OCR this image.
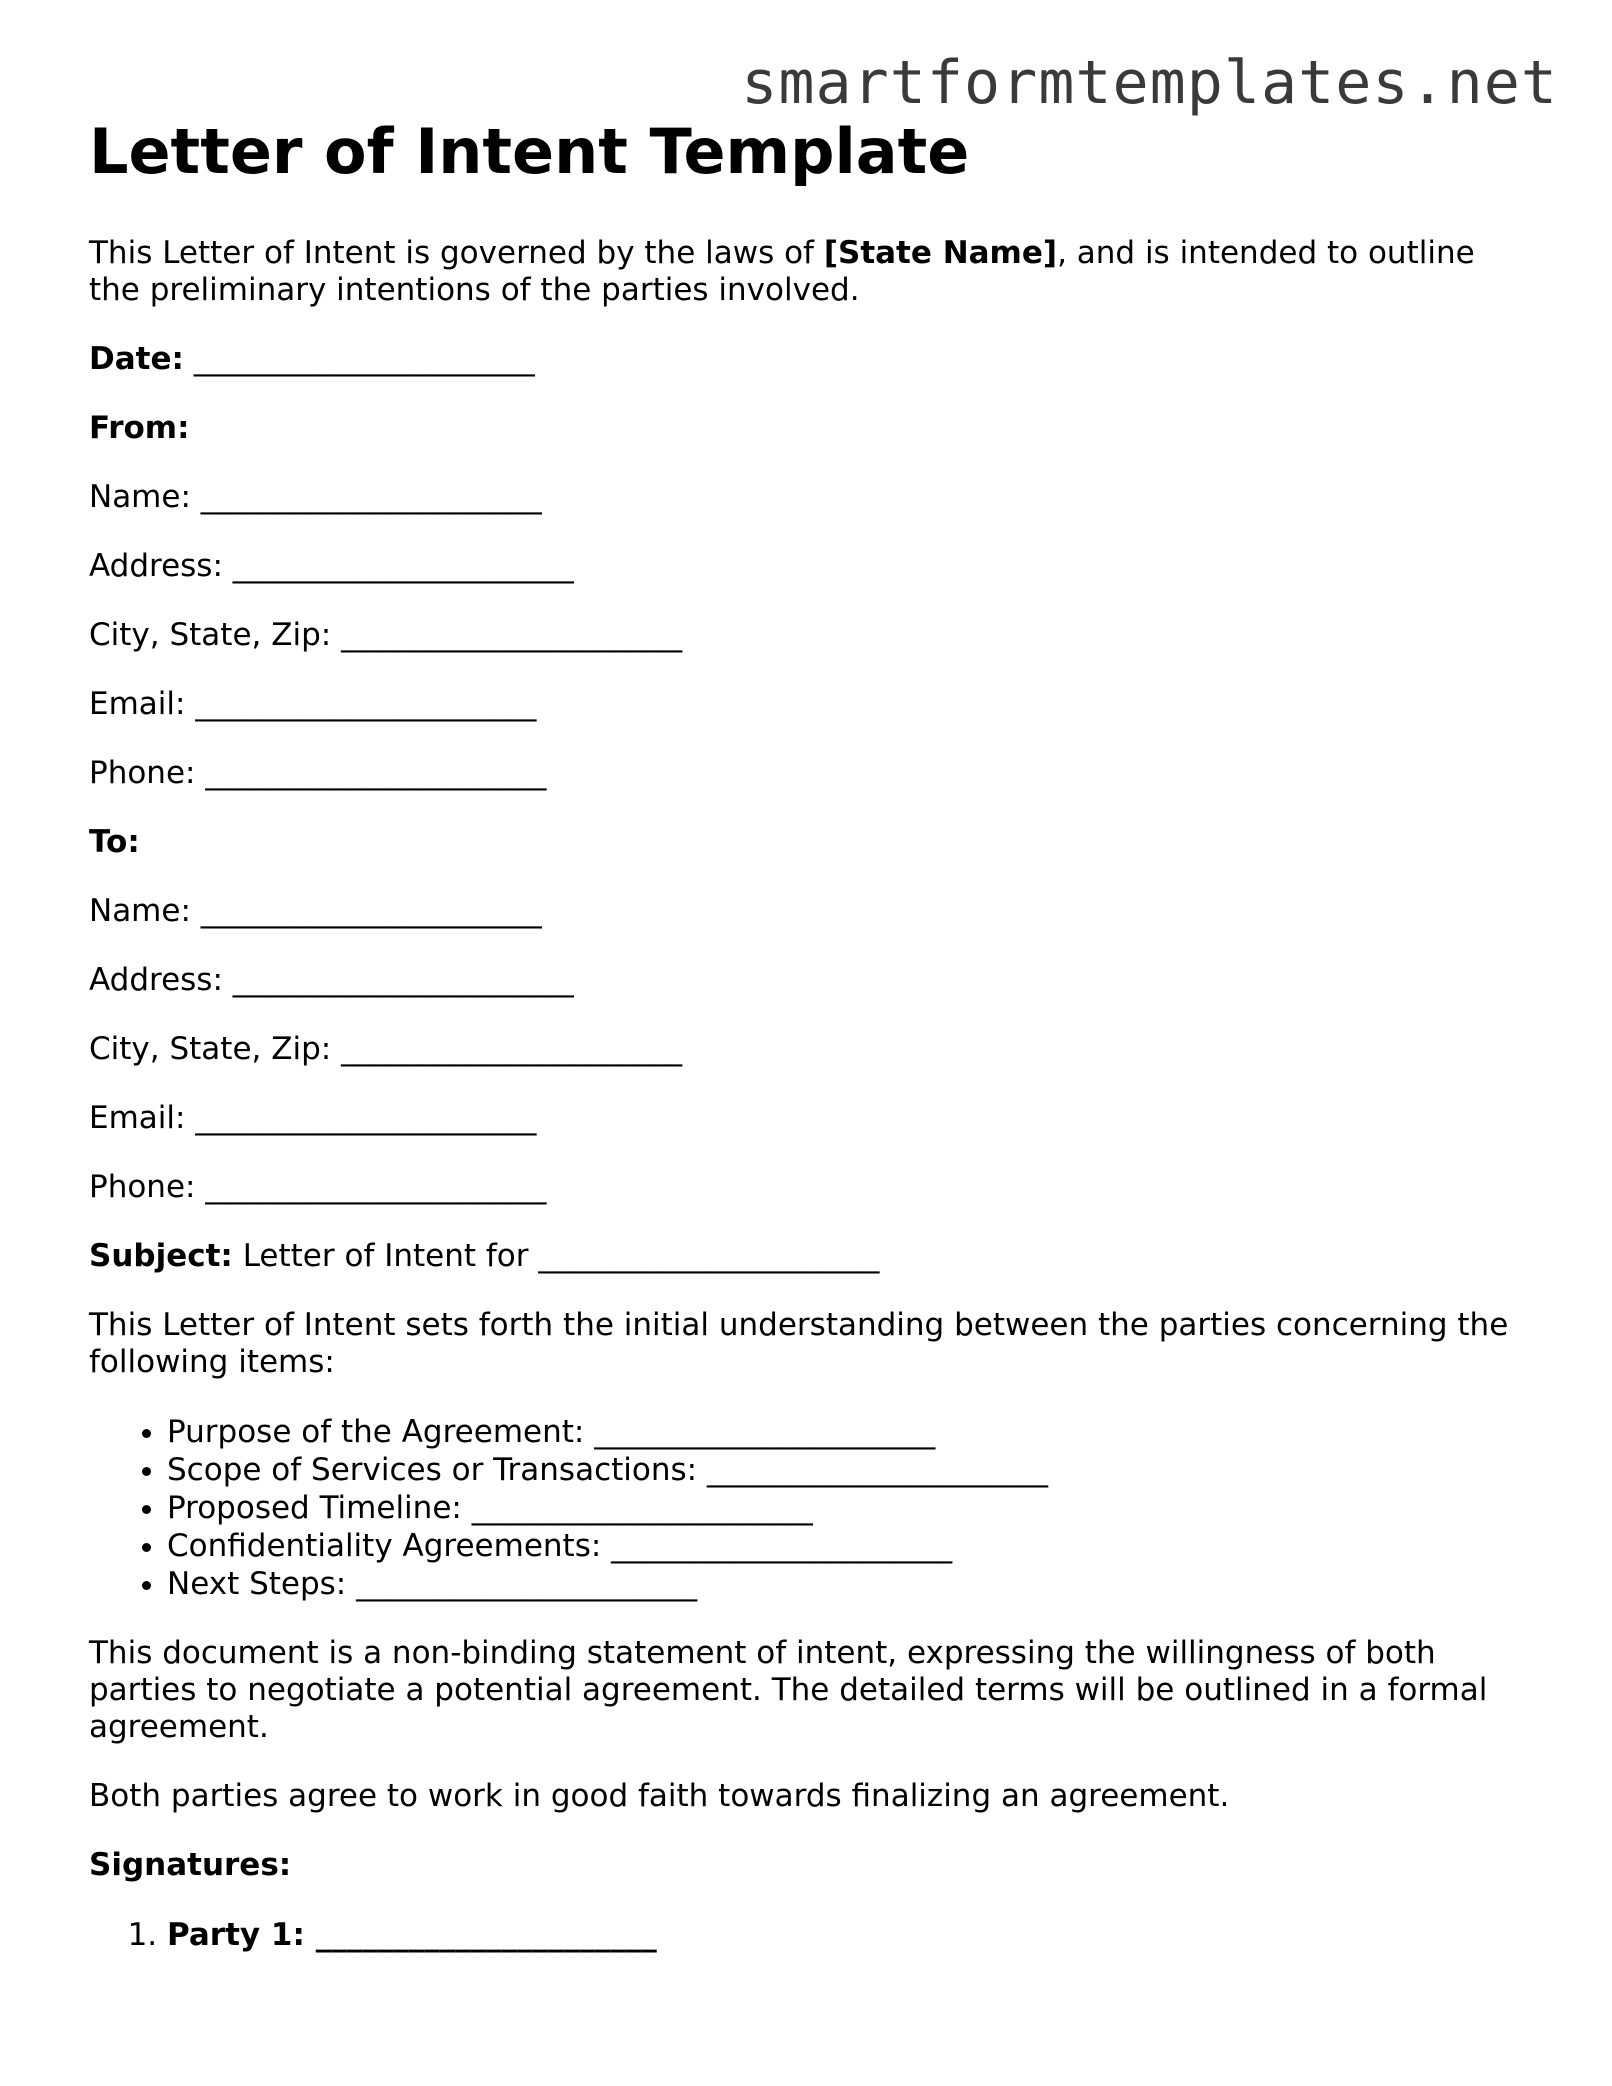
smartformtemplates.net
Letter of Intent Template

This Letter of Intent is governed by the laws of [State Name], and is intended to outline the preliminary intentions of the parties involved.

Date: ______________________

From:

Name: ______________________

Address: ______________________

City, State, Zip: ______________________

Email: ______________________

Phone: ______________________

To:

Name: ______________________

Address: ______________________

City, State, Zip: ______________________

Email: ______________________

Phone: ______________________

Subject: Letter of Intent for ______________________

This Letter of Intent sets forth the initial understanding between the parties concerning the following items:

• Purpose of the Agreement: ______________________
• Scope of Services or Transactions: ______________________
• Proposed Timeline: ______________________
• Confidentiality Agreements: ______________________
• Next Steps: ______________________

This document is a non-binding statement of intent, expressing the willingness of both parties to negotiate a potential agreement. The detailed terms will be outlined in a formal agreement.

Both parties agree to work in good faith towards finalizing an agreement.

Signatures:

1. Party 1: ______________________
